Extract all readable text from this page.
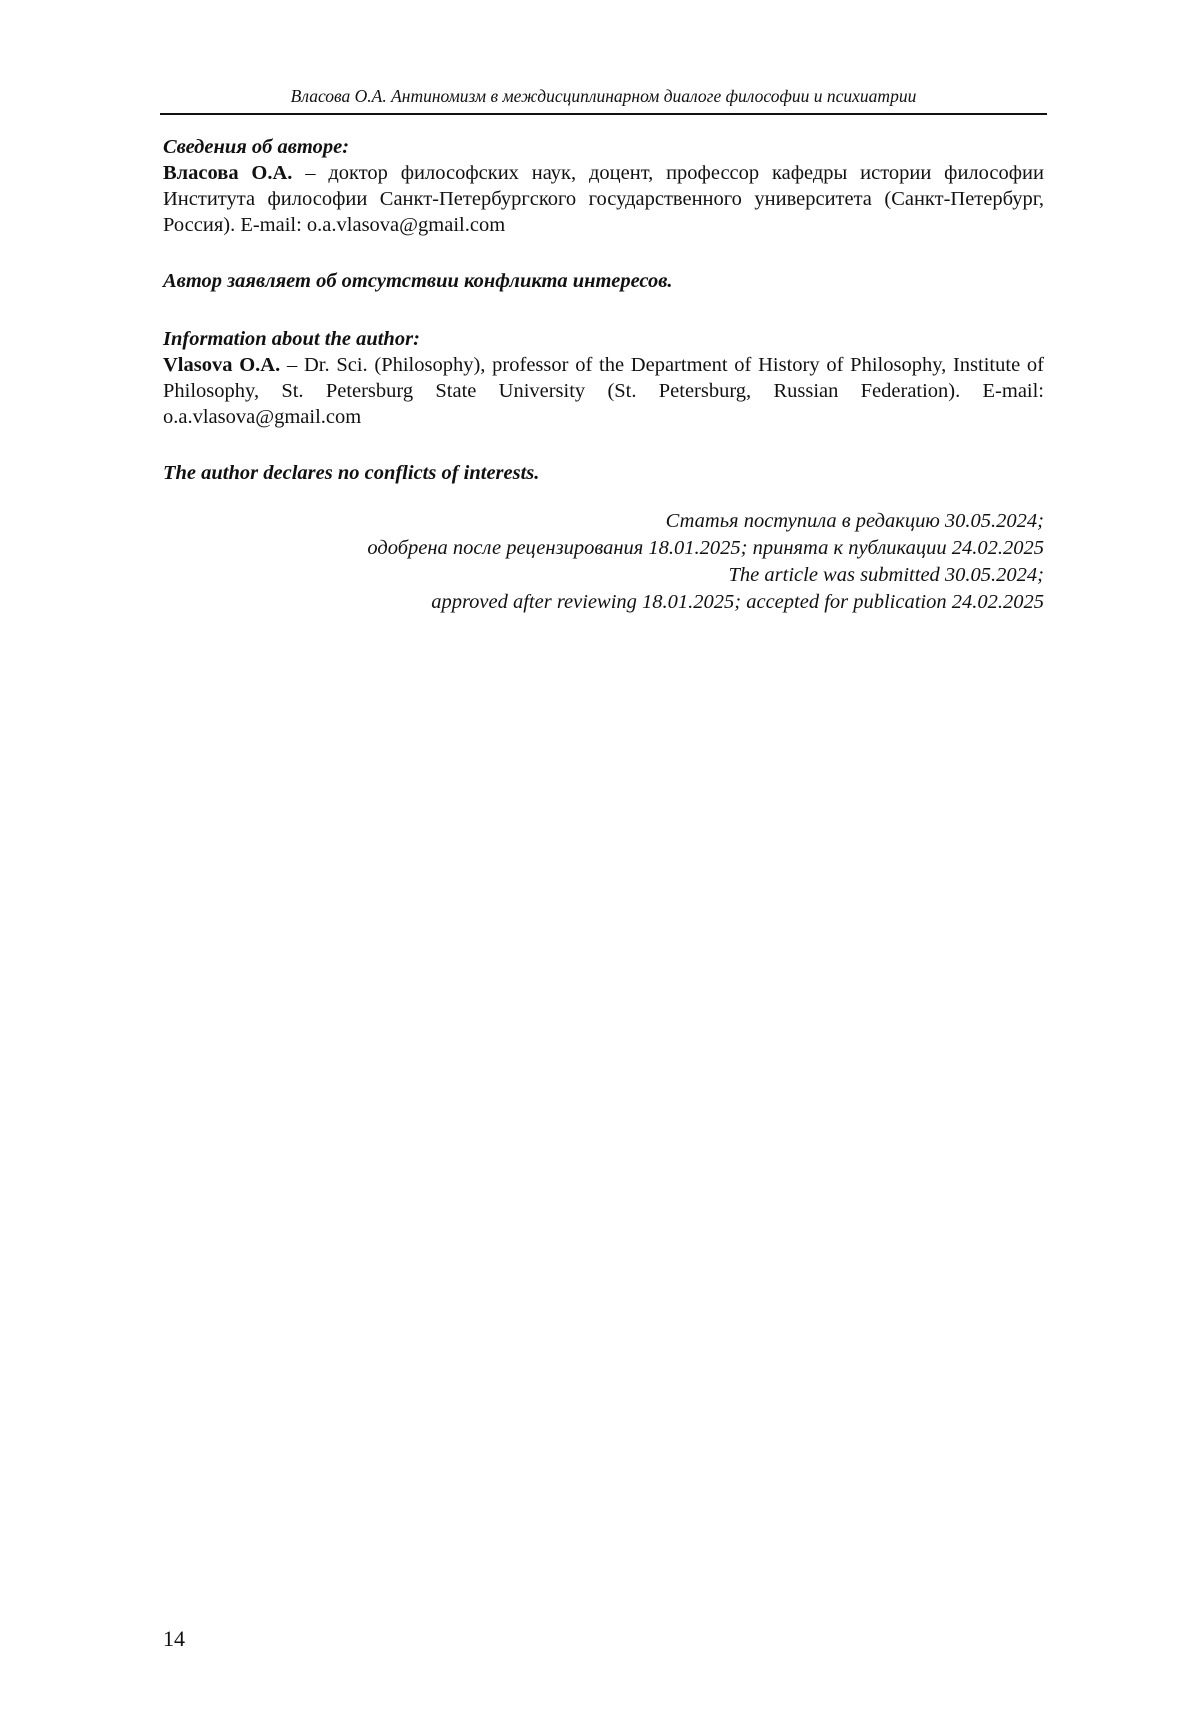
Власова О.А. Антиномизм в междисциплинарном диалоге философии и психиатрии
Сведения об авторе:
Власова О.А. – доктор философских наук, доцент, профессор кафедры истории философии Института философии Санкт-Петербургского государственного университета (Санкт-Петербург, Россия). E-mail: o.a.vlasova@gmail.com
Автор заявляет об отсутствии конфликта интересов.
Information about the author:
Vlasova O.A. – Dr. Sci. (Philosophy), professor of the Department of History of Philosophy, Institute of Philosophy, St. Petersburg State University (St. Petersburg, Russian Federation). E-mail: o.a.vlasova@gmail.com
The author declares no conflicts of interests.
Статья поступила в редакцию 30.05.2024;
одобрена после рецензирования 18.01.2025; принята к публикации 24.02.2025
The article was submitted 30.05.2024;
approved after reviewing 18.01.2025; accepted for publication 24.02.2025
14
